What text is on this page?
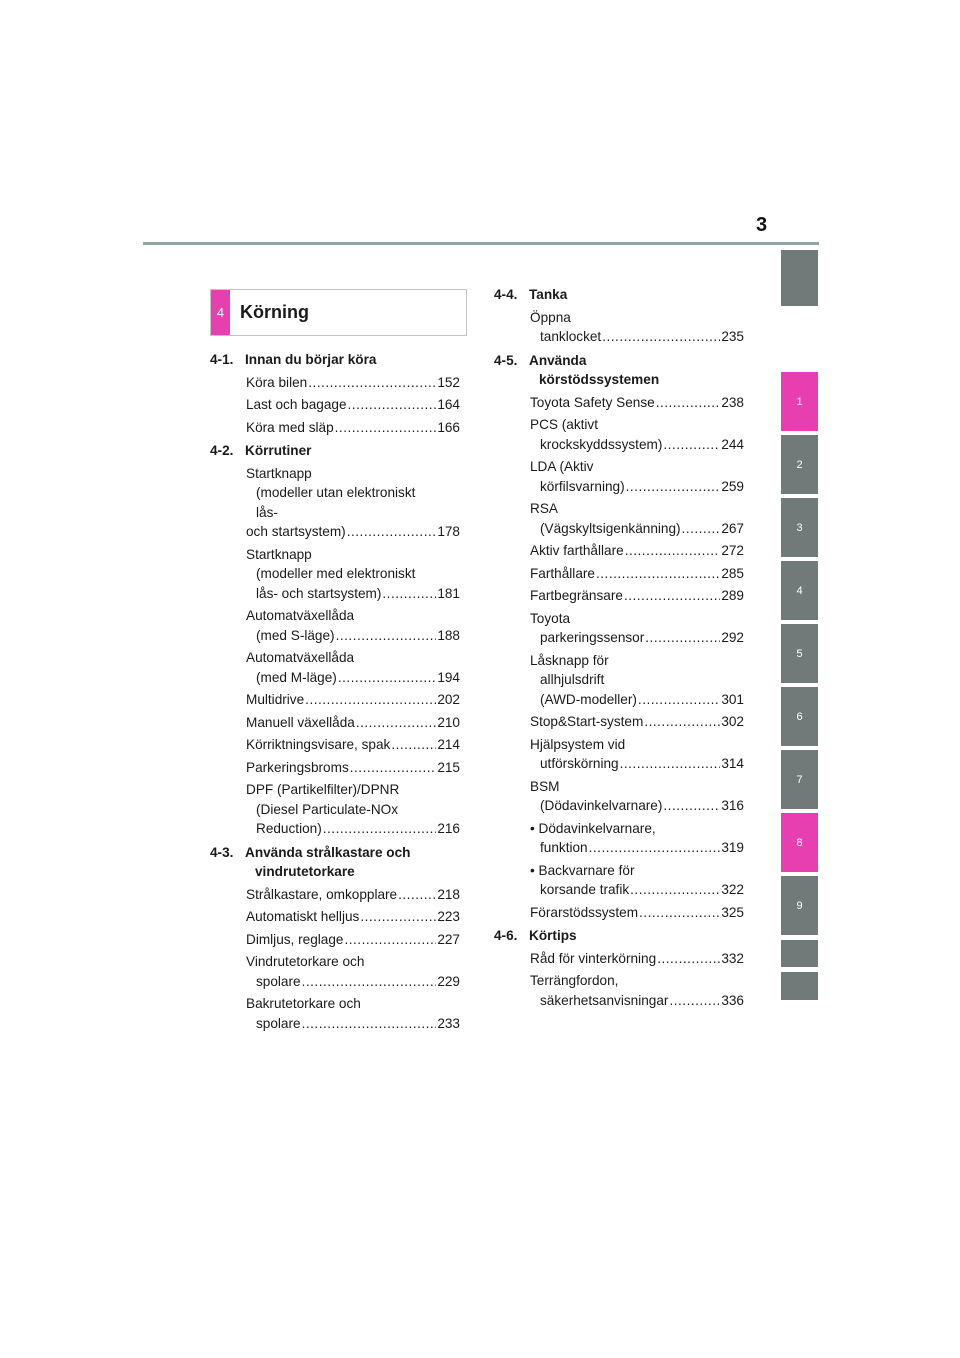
3
1
2
3
4
5
6
7
8
9
4 Körning
4-1. Innan du börjar köra
Köra bilen .....	152
Last och bagage .....	164
Köra med släp .....	166
4-2. Körrutiner
Startknapp
(modeller utan elektroniskt
lås-
och startsystem) .....	178
Startknapp
(modeller med elektroniskt
lås- och startsystem) .....	181
Automatväxellåda
(med S-läge) .....	188
Automatväxellåda
(med M-läge) .....	194
Multidrive .....	202
Manuell växellåda .....	210
Körriktningsvisare, spak .....	214
Parkeringsbroms .....	215
DPF (Partikelfilter)/DPNR
(Diesel Particulate-NOx
Reduction) .....	216
4-3. Använda strålkastare och
vindrutetorkare
Strålkastare, omkopplare .....	218
Automatiskt helljus .....	223
Dimljus, reglage .....	227
Vindrutetorkare och
spolare .....	229
Bakrutetorkare och
spolare .....	233
4-4. Tanka
Öppna
tanklocket .....	235
4-5. Använda
körstödssystemen
Toyota Safety Sense .....	238
PCS (aktivt
krockskyddssystem) .....	244
LDA (Aktiv
körfilsvarning) .....	259
RSA
(Vägskyltsigenkänning) .....	267
Aktiv farthållare .....	272
Farthållare .....	285
Fartbegränsare .....	289
Toyota
parkeringssensor .....	292
Låsknapp för
allhjulsdrift
(AWD-modeller) .....	301
Stop&Start-system .....	302
Hjälpsystem vid
utförskörning .....	314
BSM
(Dödavinkelvarnare) .....	316
• Dödavinkelvarnare,
funktion .....	319
• Backvarnare för
korsande trafik .....	322
Förarstödssystem .....	325
4-6. Körtips
Råd för vinterkörning .....	332
Terrängfordon,
säkerhetsanvisningar .....	336
